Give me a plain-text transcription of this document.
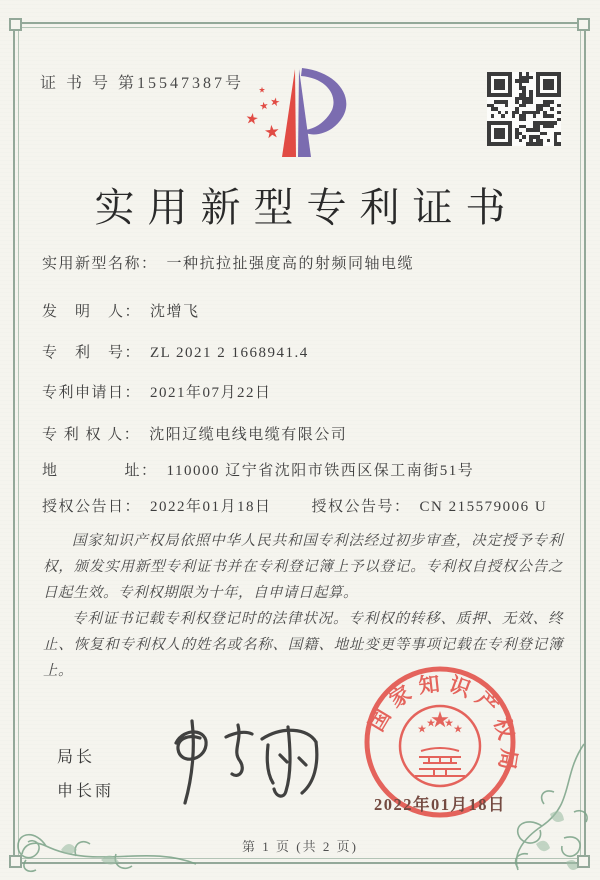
证 书 号 第15547387号
实用新型专利证书
实用新型名称： 一种抗拉扯强度高的射频同轴电缆
发　明　人： 沈增飞
专　利　号： ZL 2021 2 1668941.4
专利申请日： 2021年07月22日
专 利 权 人： 沈阳辽缆电线电缆有限公司
地　　　　址： 110000 辽宁省沈阳市铁西区保工南街51号
授权公告日： 2022年01月18日	授权公告号： CN 215579006 U

国家知识产权局依照中华人民共和国专利法经过初步审查，决定授予专利权，颁发实用新型专利证书并在专利登记簿上予以登记。专利权自授权公告之日起生效。专利权期限为十年，自申请日起算。

专利证书记载专利权登记时的法律状况。专利权的转移、质押、无效、终止、恢复和专利权人的姓名或名称、国籍、地址变更等事项记载在专利登记簿上。

局长
申长雨
国家知识产权局
2022年01月18日
第 1 页 (共 2 页)
